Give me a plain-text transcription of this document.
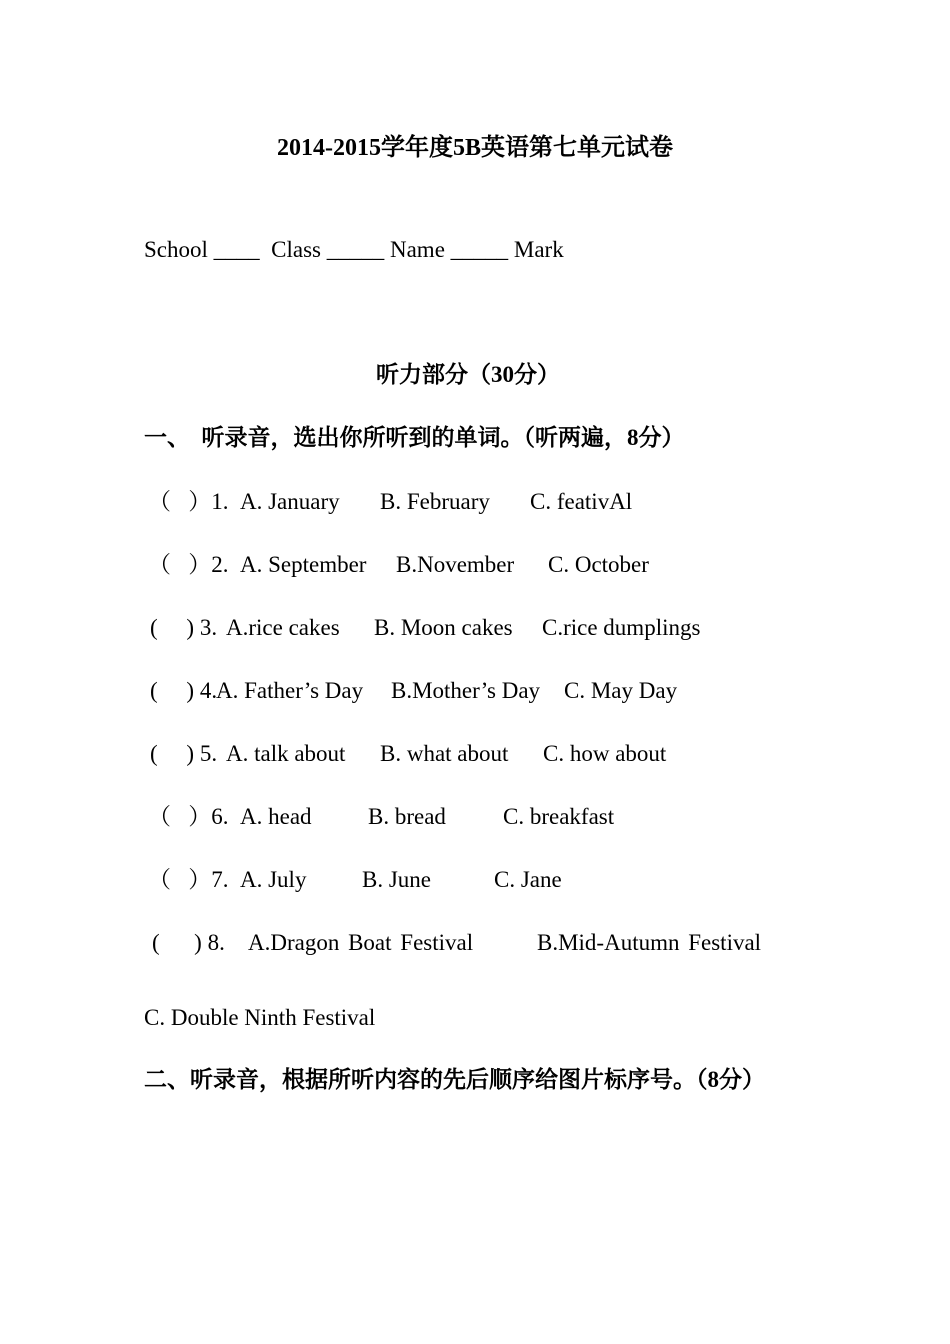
2014-2015学年度5B英语第七单元试卷
School ____  Class _____ Name _____ Mark
听力部分（30分）
一、  听录音，选出你所听到的单词。（听两遍，8分）

（   ）1.

A. January

B. February

C. feativAl

（   ）2.

A. September

B.November

C. October

(     ) 3.

A.rice cakes

B. Moon cakes

C.rice dumplings

(     ) 4.

A. Father’s Day

B.Mother’s Day

C. May Day

(     ) 5.

A. talk about

B. what about

C. how about

（   ）6.

A. head

B. bread

C. breakfast

（   ）7.

A. July

B. June

	C. Jane

(      ) 8.

A.Dragon Boat Festival

	B.Mid-Autumn Festival

C. Double Ninth Festival
二、听录音，根据所听内容的先后顺序给图片标序号。（8分）
